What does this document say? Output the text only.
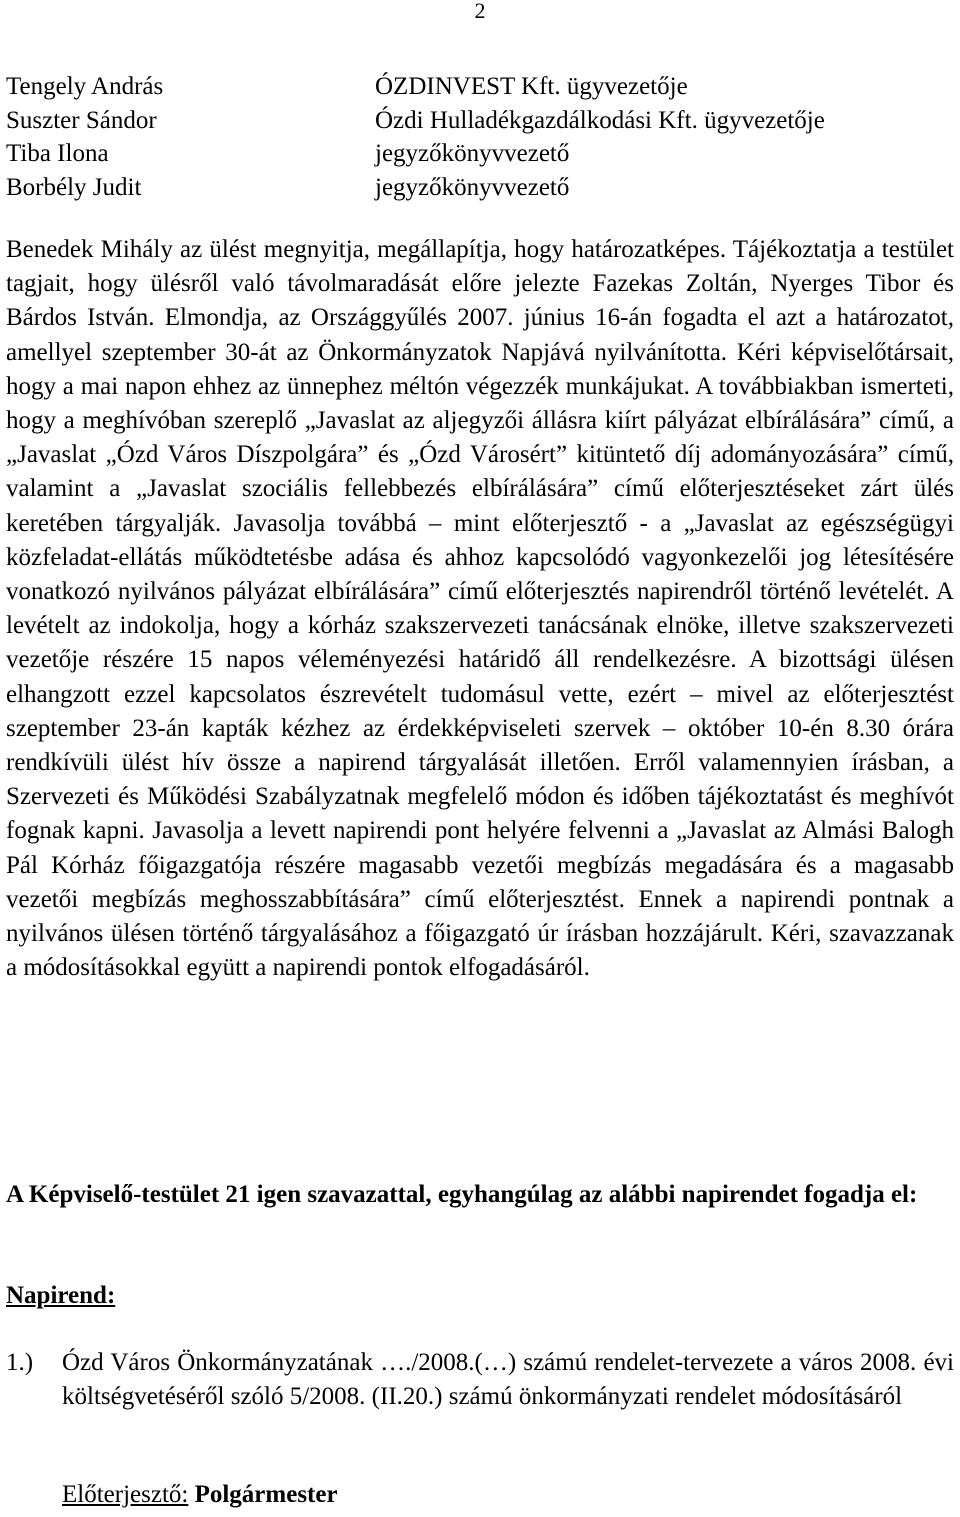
2
Tengely András	ÓZDINVEST Kft. ügyvezetője
Suszter Sándor	Ózdi Hulladékgazdálkodási Kft. ügyvezetője
Tiba Ilona	jegyzőkönyvvezető
Borbély Judit	jegyzőkönyvvezető

Benedek Mihály az ülést megnyitja, megállapítja, hogy határozatképes. Tájékoztatja a testület tagjait, hogy ülésről való távolmaradását előre jelezte Fazekas Zoltán, Nyerges Tibor és Bárdos István. Elmondja, az Országgyűlés 2007. június 16-án fogadta el azt a határozatot, amellyel szeptember 30-át az Önkormányzatok Napjává nyilvánította. Kéri képviselőtársait, hogy a mai napon ehhez az ünnephez méltón végezzék munkájukat. A továbbiakban ismerteti, hogy a meghívóban szereplő „Javaslat az aljegyzői állásra kiírt pályázat elbírálására” című, a „Javaslat „Ózd Város Díszpolgára” és „Ózd Városért” kitüntető díj adományozására” című, valamint a „Javaslat szociális fellebbezés elbírálására” című előterjesztéseket zárt ülés keretében tárgyalják. Javasolja továbbá – mint előterjesztő - a „Javaslat az egészségügyi közfeladat-ellátás működtetésbe adása és ahhoz kapcsolódó vagyonkezelői jog létesítésére vonatkozó nyilvános pályázat elbírálására” című előterjesztés napirendről történő levételét. A levételt az indokolja, hogy a kórház szakszervezeti tanácsának elnöke, illetve szakszervezeti vezetője részére 15 napos véleményezési határidő áll rendelkezésre. A bizottsági ülésen elhangzott ezzel kapcsolatos észrevételt tudomásul vette, ezért – mivel az előterjesztést szeptember 23-án kapták kézhez az érdekképviseleti szervek – október 10-én 8.30 órára rendkívüli ülést hív össze a napirend tárgyalását illetően. Erről valamennyien írásban, a Szervezeti és Működési Szabályzatnak megfelelő módon és időben tájékoztatást és meghívót fognak kapni. Javasolja a levett napirendi pont helyére felvenni a „Javaslat az Almási Balogh Pál Kórház főigazgatója részére magasabb vezetői megbízás megadására és a magasabb vezetői megbízás meghosszabbítására” című előterjesztést. Ennek a napirendi pontnak a nyilvános ülésen történő tárgyalásához a főigazgató úr írásban hozzájárult. Kéri, szavazzanak a módosításokkal együtt a napirendi pontok elfogadásáról.

A Képviselő-testület 21 igen szavazattal, egyhangúlag az alábbi napirendet fogadja el:

Napirend:
1.)	Ózd Város Önkormányzatának …./2008.(…) számú rendelet-tervezete a város 2008. évi költségvetéséről szóló 5/2008. (II.20.) számú önkormányzati rendelet módosításáról
Előterjesztő: Polgármester
